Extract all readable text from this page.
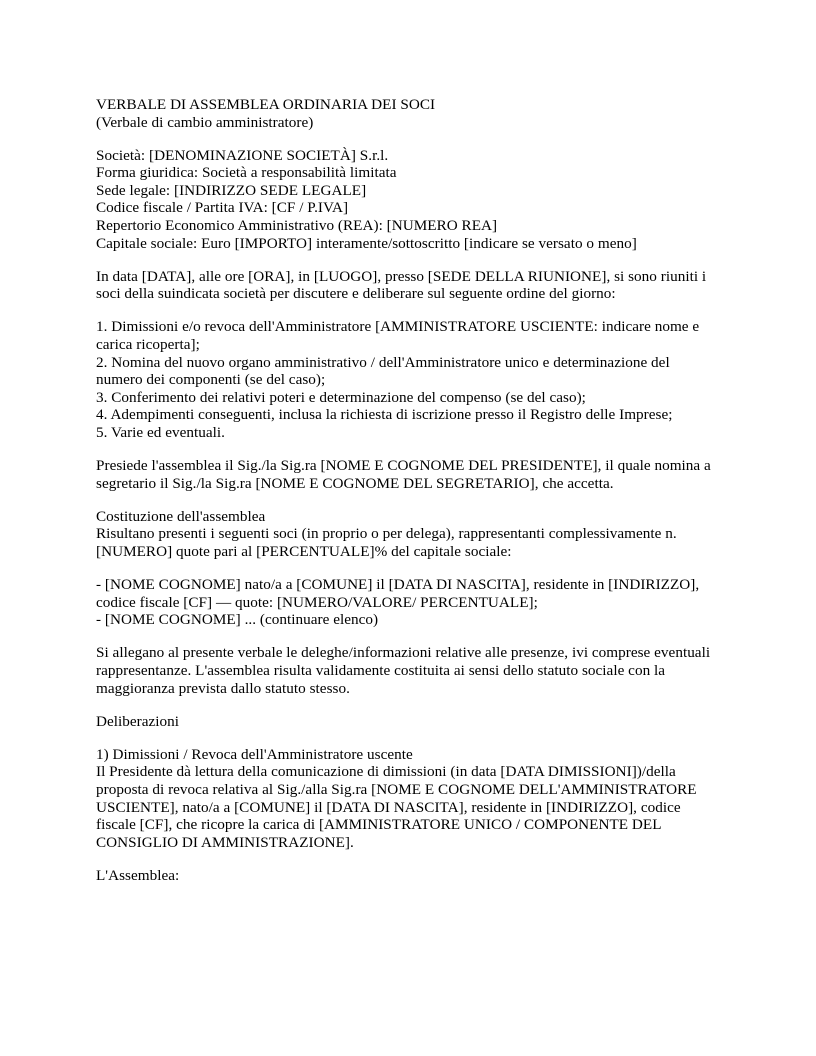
VERBALE DI ASSEMBLEA ORDINARIA DEI SOCI
(Verbale di cambio amministratore)
Società: [DENOMINAZIONE SOCIETÀ] S.r.l.
Forma giuridica: Società a responsabilità limitata
Sede legale: [INDIRIZZO SEDE LEGALE]
Codice fiscale / Partita IVA: [CF / P.IVA]
Repertorio Economico Amministrativo (REA): [NUMERO REA]
Capitale sociale: Euro [IMPORTO] interamente/sottoscritto [indicare se versato o meno]
In data [DATA], alle ore [ORA], in [LUOGO], presso [SEDE DELLA RIUNIONE], si sono riuniti i soci della suindicata società per discutere e deliberare sul seguente ordine del giorno:
1. Dimissioni e/o revoca dell'Amministratore [AMMINISTRATORE USCIENTE: indicare nome e carica ricoperta];
2. Nomina del nuovo organo amministrativo / dell'Amministratore unico e determinazione del numero dei componenti (se del caso);
3. Conferimento dei relativi poteri e determinazione del compenso (se del caso);
4. Adempimenti conseguenti, inclusa la richiesta di iscrizione presso il Registro delle Imprese;
5. Varie ed eventuali.
Presiede l'assemblea il Sig./la Sig.ra [NOME E COGNOME DEL PRESIDENTE], il quale nomina a segretario il Sig./la Sig.ra [NOME E COGNOME DEL SEGRETARIO], che accetta.
Costituzione dell'assemblea
Risultano presenti i seguenti soci (in proprio o per delega), rappresentanti complessivamente n. [NUMERO] quote pari al [PERCENTUALE]% del capitale sociale:
- [NOME COGNOME] nato/a a [COMUNE] il [DATA DI NASCITA], residente in [INDIRIZZO], codice fiscale [CF] — quote: [NUMERO/VALORE/ PERCENTUALE];
- [NOME COGNOME] ... (continuare elenco)
Si allegano al presente verbale le deleghe/informazioni relative alle presenze, ivi comprese eventuali rappresentanze. L'assemblea risulta validamente costituita ai sensi dello statuto sociale con la maggioranza prevista dallo statuto stesso.
Deliberazioni
1) Dimissioni / Revoca dell'Amministratore uscente
Il Presidente dà lettura della comunicazione di dimissioni (in data [DATA DIMISSIONI])/della proposta di revoca relativa al Sig./alla Sig.ra [NOME E COGNOME DELL'AMMINISTRATORE USCIENTE], nato/a a [COMUNE] il [DATA DI NASCITA], residente in [INDIRIZZO], codice fiscale [CF], che ricopre la carica di [AMMINISTRATORE UNICO / COMPONENTE DEL CONSIGLIO DI AMMINISTRAZIONE].
L'Assemblea:
